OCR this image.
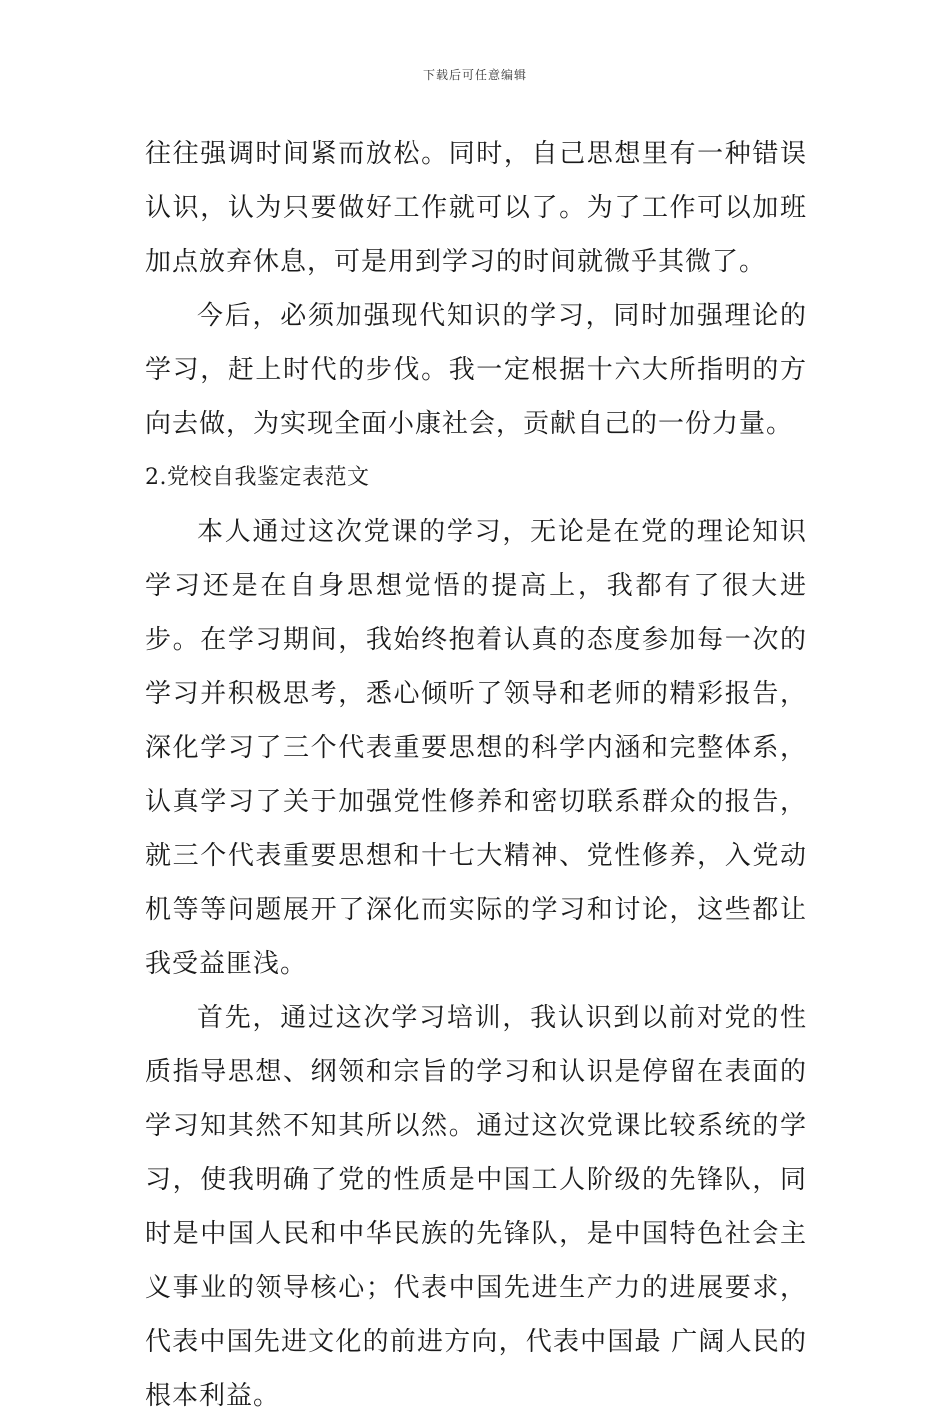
下载后可任意编辑

往往强调时间紧而放松。同时，自己思想里有一种错误认识，认为只要做好工作就可以了。为了工作可以加班加点放弃休息，可是用到学习的时间就微乎其微了。

今后，必须加强现代知识的学习，同时加强理论的学习，赶上时代的步伐。我一定根据十六大所指明的方向去做，为实现全面小康社会，贡献自己的一份力量。

2.党校自我鉴定表范文

本人通过这次党课的学习，无论是在党的理论知识学习还是在自身思想觉悟的提高上，我都有了很大进步。在学习期间，我始终抱着认真的态度参加每一次的学习并积极思考，悉心倾听了领导和老师的精彩报告，深化学习了三个代表重要思想的科学内涵和完整体系，认真学习了关于加强党性修养和密切联系群众的报告，就三个代表重要思想和十七大精神、党性修养，入党动机等等问题展开了深化而实际的学习和讨论，这些都让我受益匪浅。

首先，通过这次学习培训，我认识到以前对党的性质指导思想、纲领和宗旨的学习和认识是停留在表面的学习知其然不知其所以然。通过这次党课比较系统的学习，使我明确了党的性质是中国工人阶级的先锋队，同时是中国人民和中华民族的先锋队，是中国特色社会主义事业的领导核心；代表中国先进生产力的进展要求，代表中国先进文化的前进方向，代表中国最 广阔人民的根本利益。
